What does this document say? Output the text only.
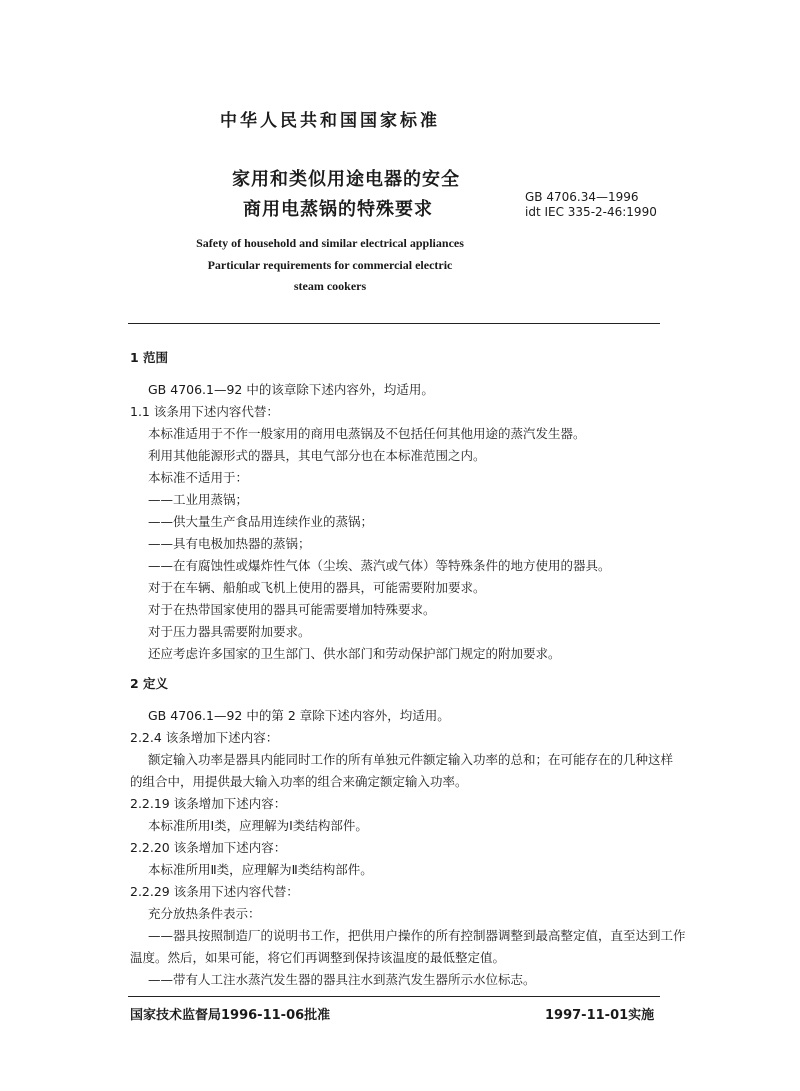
中华人民共和国国家标准
家用和类似用途电器的安全
商用电蒸锅的特殊要求
GB 4706.34—1996
idt IEC 335-2-46:1990
Safety of household and similar electrical appliances
Particular requirements for commercial electric
steam cookers
1 范围
GB 4706.1—92 中的该章除下述内容外，均适用。
1.1 该条用下述内容代替：
本标准适用于不作一般家用的商用电蒸锅及不包括任何其他用途的蒸汽发生器。
利用其他能源形式的器具，其电气部分也在本标准范围之内。
本标准不适用于：
——工业用蒸锅；
——供大量生产食品用连续作业的蒸锅；
——具有电极加热器的蒸锅；
——在有腐蚀性或爆炸性气体（尘埃、蒸汽或气体）等特殊条件的地方使用的器具。
对于在车辆、船舶或飞机上使用的器具，可能需要附加要求。
对于在热带国家使用的器具可能需要增加特殊要求。
对于压力器具需要附加要求。
还应考虑许多国家的卫生部门、供水部门和劳动保护部门规定的附加要求。
2 定义
GB 4706.1—92 中的第 2 章除下述内容外，均适用。
2.2.4 该条增加下述内容：
额定输入功率是器具内能同时工作的所有单独元件额定输入功率的总和；在可能存在的几种这样
的组合中，用提供最大输入功率的组合来确定额定输入功率。
2.2.19 该条增加下述内容：
本标准所用Ⅰ类，应理解为Ⅰ类结构部件。
2.2.20 该条增加下述内容：
本标准所用Ⅱ类，应理解为Ⅱ类结构部件。
2.2.29 该条用下述内容代替：
充分放热条件表示：
——器具按照制造厂的说明书工作，把供用户操作的所有控制器调整到最高整定值，直至达到工作
温度。然后，如果可能，将它们再调整到保持该温度的最低整定值。
——带有人工注水蒸汽发生器的器具注水到蒸汽发生器所示水位标志。
国家技术监督局1996-11-06批准	1997-11-01实施
